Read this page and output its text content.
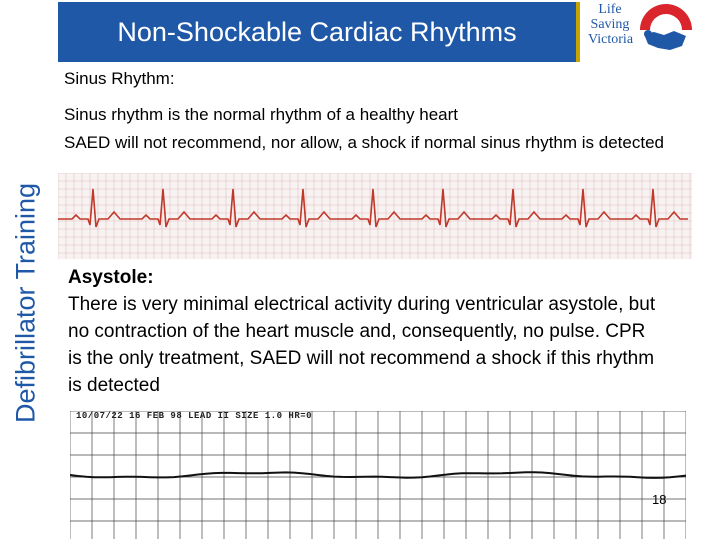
Non-Shockable Cardiac Rhythms
Life
Saving
Victoria
Defibrillator Training
Sinus Rhythm:

Sinus rhythm is the normal rhythm of a healthy heart

SAED will not recommend, nor allow, a shock if normal sinus rhythm is detected

Asystole:
There is very minimal electrical activity during ventricular asystole, but no contraction of the heart muscle and, consequently, no pulse. CPR is the only treatment, SAED will not recommend a shock if this rhythm is detected
10/07/22 16 FEB 98 LEAD II SIZE 1.0 HR=0
18
